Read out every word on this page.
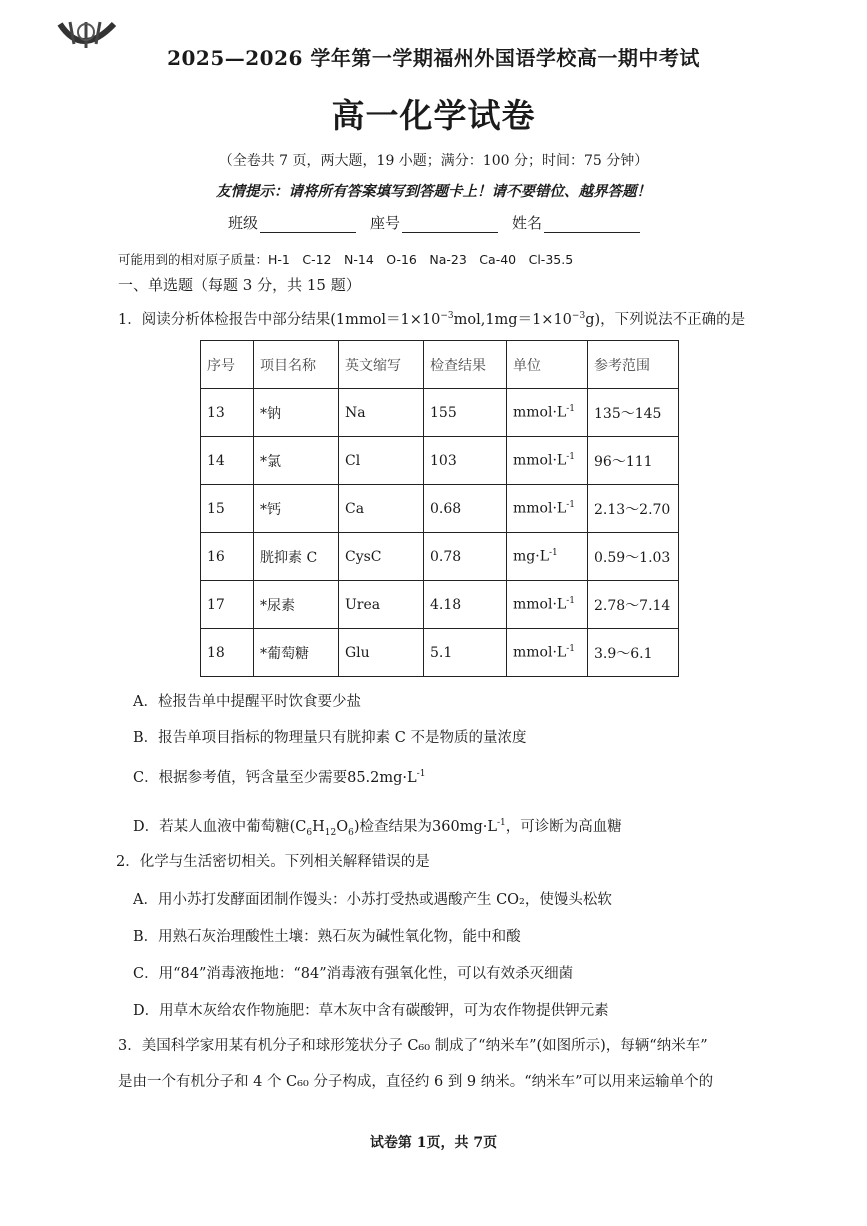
2025—2026 学年第一学期福州外国语学校高一期中考试
高一化学试卷
（全卷共 7 页，两大题，19 小题；满分：100 分；时间：75 分钟）
友情提示：请将所有答案填写到答题卡上！请不要错位、越界答题！
班级	座号	姓名
可能用到的相对原子质量：H-1　C-12　N-14　O-16　Na-23　Ca-40　Cl-35.5
一、单选题（每题 3 分，共 15 题）
1．阅读分析体检报告中部分结果$(1mmol=1\times 10^{-3}mol,1mg=1\times 10^{-3}g)$，下列说法不正确的是
序号	项目名称	英文缩写	检查结果	单位	参考范围
13	*钠	Na	155	$mmol\cdot L^{-1}$	135～145
14	*氯	Cl	103	$mmol\cdot L^{-1}$	96～111
15	*钙	Ca	0.68	$mmol\cdot L^{-1}$	2.13～2.70
16	胱抑素 C	CysC	0.78	$mg\cdot L^{-1}$	0.59～1.03
17	*尿素	Urea	4.18	$mmol\cdot L^{-1}$	2.78～7.14
18	*葡萄糖	Glu	5.1	$mmol\cdot L^{-1}$	3.9～6.1
A．检报告单中提醒平时饮食要少盐
B．报告单项目指标的物理量只有胱抑素 C 不是物质的量浓度
C．根据参考值，钙含量至少需要$85.2mg\cdot L^{-1}$
D．若某人血液中葡萄糖$(C_6H_{12}O_6)$检查结果为$360mg\cdot L^{-1}$，可诊断为高血糖
2．化学与生活密切相关。下列相关解释错误的是
A．用小苏打发酵面团制作馒头：小苏打受热或遇酸产生 CO₂，使馒头松软
B．用熟石灰治理酸性土壤：熟石灰为碱性氧化物，能中和酸
C．用“84”消毒液拖地：“84”消毒液有强氧化性，可以有效杀灭细菌
D．用草木灰给农作物施肥：草木灰中含有碳酸钾，可为农作物提供钾元素
3．美国科学家用某有机分子和球形笼状分子 C₆₀ 制成了“纳米车”(如图所示)，每辆“纳米车”
是由一个有机分子和 4 个 C₆₀ 分子构成，直径约 6 到 9 纳米。“纳米车”可以用来运输单个的
试卷第 1页，共 7页
